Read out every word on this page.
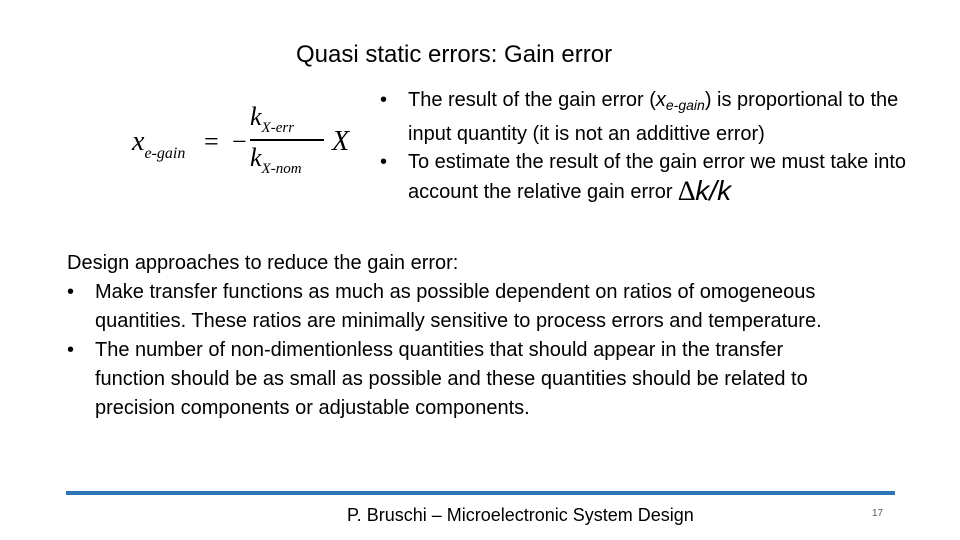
Quasi static errors: Gain error
$x_{e-gain}$ = −
$k_{X-err}$
$k_{X-nom}$
X
• The result of the gain error $(x_{e-gain})$ is proportional to the input quantity (it is not an addittive error)
• To estimate the result of the gain error we must take into account the relative gain error ∆k/k
Design approaches to reduce the gain error:
• Make transfer functions as much as possible dependent on ratios of omogeneous quantities. These ratios are minimally sensitive to process errors and temperature.
• The number of non-dimentionless quantities that should appear in the transfer function should be as small as possible and these quantities should be related to precision components or adjustable components.
P. Bruschi – Microelectronic System Design	17
